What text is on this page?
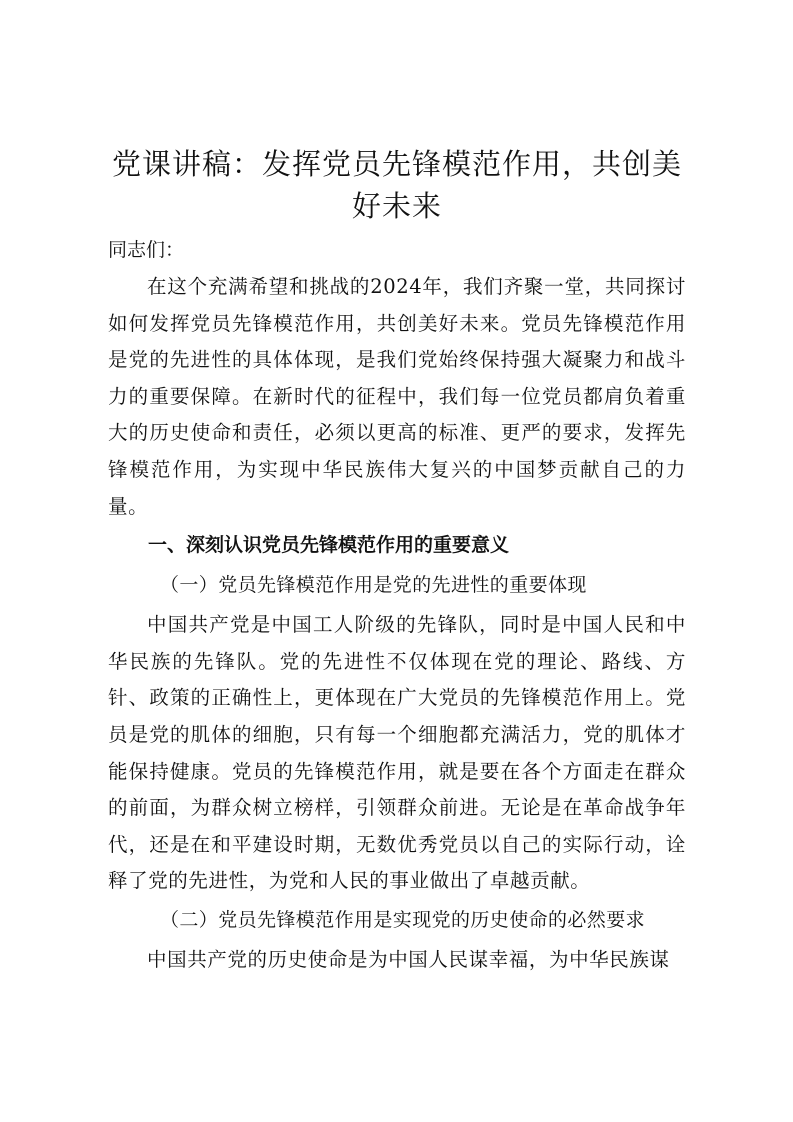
党课讲稿：发挥党员先锋模范作用，共创美好未来

同志们：

在这个充满希望和挑战的2024年，我们齐聚一堂，共同探讨如何发挥党员先锋模范作用，共创美好未来。党员先锋模范作用是党的先进性的具体体现，是我们党始终保持强大凝聚力和战斗力的重要保障。在新时代的征程中，我们每一位党员都肩负着重大的历史使命和责任，必须以更高的标准、更严的要求，发挥先锋模范作用，为实现中华民族伟大复兴的中国梦贡献自己的力量。

一、深刻认识党员先锋模范作用的重要意义

（一）党员先锋模范作用是党的先进性的重要体现

中国共产党是中国工人阶级的先锋队，同时是中国人民和中华民族的先锋队。党的先进性不仅体现在党的理论、路线、方针、政策的正确性上，更体现在广大党员的先锋模范作用上。党员是党的肌体的细胞，只有每一个细胞都充满活力，党的肌体才能保持健康。党员的先锋模范作用，就是要在各个方面走在群众的前面，为群众树立榜样，引领群众前进。无论是在革命战争年代，还是在和平建设时期，无数优秀党员以自己的实际行动，诠释了党的先进性，为党和人民的事业做出了卓越贡献。

（二）党员先锋模范作用是实现党的历史使命的必然要求

中国共产党的历史使命是为中国人民谋幸福，为中华民族谋
